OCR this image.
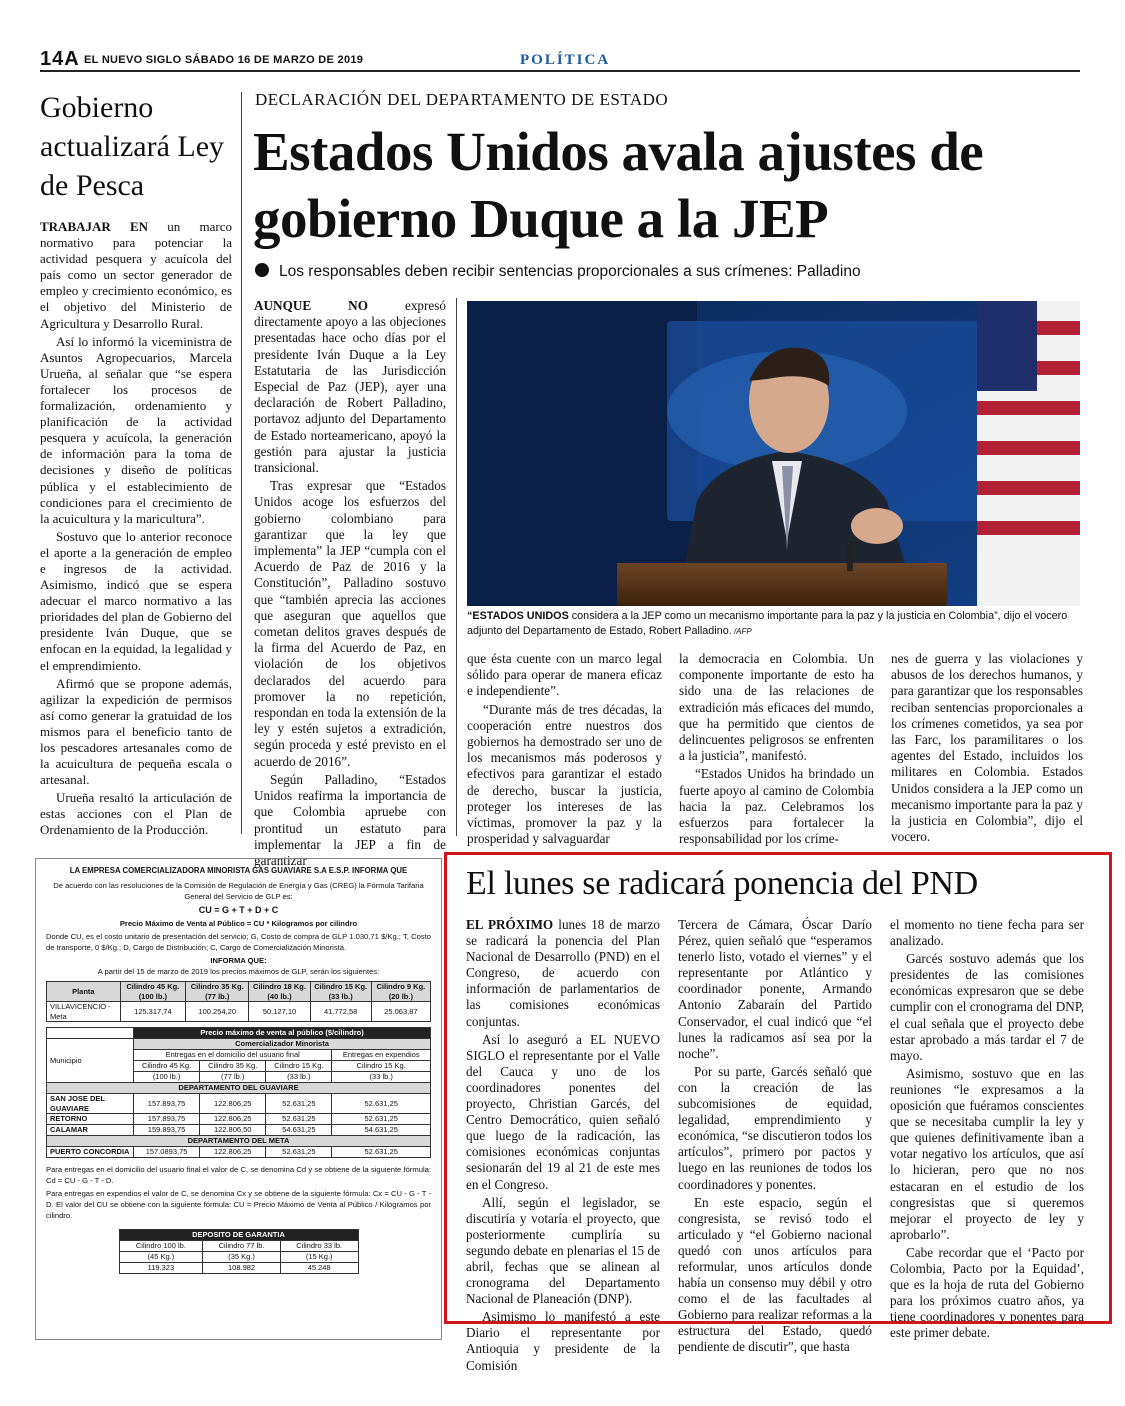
14A EL NUEVO SIGLO SÁBADO 16 DE MARZO DE 2019	POLÍTICA
Gobierno actualizará Ley de Pesca

TRABAJAR EN un marco normativo para potenciar la actividad pesquera y acuícola del país como un sector generador de empleo y crecimiento económico, es el objetivo del Ministerio de Agricultura y Desarrollo Rural.

Así lo informó la viceministra de Asuntos Agropecuarios, Marcela Urueña, al señalar que “se espera fortalecer los procesos de formalización, ordenamiento y planificación de la actividad pesquera y acuícola, la generación de información para la toma de decisiones y diseño de políticas pública y el establecimiento de condiciones para el crecimiento de la acuicultura y la maricultura”.

Sostuvo que lo anterior reconoce el aporte a la generación de empleo e ingresos de la actividad. Asimismo, indicó que se espera adecuar el marco normativo a las prioridades del plan de Gobierno del presidente Iván Duque, que se enfocan en la equidad, la legalidad y el emprendimiento.

Afirmó que se propone además, agilizar la expedición de permisos así como generar la gratuidad de los mismos para el beneficio tanto de los pescadores artesanales como de la acuicultura de pequeña escala o artesanal.

Urueña resaltó la articulación de estas acciones con el Plan de Ordenamiento de la Producción.

DECLARACIÓN DEL DEPARTAMENTO DE ESTADO
Estados Unidos avala ajustes de gobierno Duque a la JEP
Los responsables deben recibir sentencias proporcionales a sus crímenes: Palladino

AUNQUE NO expresó directamente apoyo a las objeciones presentadas hace ocho días por el presidente Iván Duque a la Ley Estatutaria de las Jurisdicción Especial de Paz (JEP), ayer una declaración de Robert Palladino, portavoz adjunto del Departamento de Estado norteamericano, apoyó la gestión para ajustar la justicia transicional.

Tras expresar que “Estados Unidos acoge los esfuerzos del gobierno colombiano para garantizar que la ley que implementa” la JEP “cumpla con el Acuerdo de Paz de 2016 y la Constitución”, Palladino sostuvo que “también aprecia las acciones que aseguran que aquellos que cometan delitos graves después de la firma del Acuerdo de Paz, en violación de los objetivos declarados del acuerdo para promover la no repetición, respondan en toda la extensión de la ley y estén sujetos a extradición, según proceda y esté previsto en el acuerdo de 2016”.

Según Palladino, “Estados Unidos reafirma la importancia de que Colombia apruebe con prontitud un estatuto para implementar la JEP a fin de garantizar

“ESTADOS UNIDOS considera a la JEP como un mecanismo importante para la paz y la justicia en Colombia”, dijo el vocero adjunto del Departamento de Estado, Robert Palladino. /AFP

que ésta cuente con un marco legal sólido para operar de manera eficaz e independiente”.

“Durante más de tres décadas, la cooperación entre nuestros dos gobiernos ha demostrado ser uno de los mecanismos más poderosos y efectivos para garantizar el estado de derecho, buscar la justicia, proteger los intereses de las víctimas, promover la paz y la prosperidad y salvaguardar

la democracia en Colombia. Un componente importante de esto ha sido una de las relaciones de extradición más eficaces del mundo, que ha permitido que cientos de delincuentes peligrosos se enfrenten a la justicia”, manifestó.

“Estados Unidos ha brindado un fuerte apoyo al camino de Colombia hacia la paz. Celebramos los esfuerzos para fortalecer la responsabilidad por los críme-

nes de guerra y las violaciones y abusos de los derechos humanos, y para garantizar que los responsables reciban sentencias proporcionales a los crímenes cometidos, ya sea por las Farc, los paramilitares o los agentes del Estado, incluidos los militares en Colombia. Estados Unidos considera a la JEP como un mecanismo importante para la paz y la justicia en Colombia”, dijo el vocero.

LA EMPRESA COMERCIALIZADORA MINORISTA GAS GUAVIARE S.A E.S.P. INFORMA QUE
De acuerdo con las resoluciones de la Comisión de Regulación de Energía y Gas (CREG) la Fórmula Tarifaria General del Servicio de GLP es:
CU = G + T + D + C
Precio Máximo de Venta al Público = CU * Kilogramos por cilindro
Donde CU, es el costo unitario de presentación del servicio; G, Costo de compra de GLP 1.030,71 $/Kg.; T, Costo de transporte, 0 $/Kg.; D, Cargo de Distribución; C, Cargo de Comercialización Minorista.
INFORMA QUE:
A partir del 15 de marzo de 2019 los precios máximos de GLP, serán los siguientes:
Planta	Cilindro 45 Kg. (100 lb.)	Cilindro 35 Kg. (77 lb.)	Cilindro 18 Kg. (40 lb.)	Cilindro 15 Kg. (33 lb.)	Cilindro 9 Kg. (20 lb.)
VILLAVICENCIO - Meta	125.317,74	100.254,20	50.127,10	41.772,58	25.063,87
	Precio máximo de venta al público ($/cilindro)			
Municipio	Comercializador Minorista			
	Entregas en el domicilio del usuario final			Entregas en expendios
	Cilindro 45 Kg.	Cilindro 35 Kg.	Cilindro 15 Kg.	Cilindro 15 Kg.
	(100 lb.)	(77 lb.)	(33 lb.)	(33 lb.)
DEPARTAMENTO DEL GUAVIARE				
SAN JOSE DEL GUAVIARE	157.893,75	122.806,25	52.631,25	52.631,25
RETORNO	157.893,75	122.806,25	52.631,25	52.631,25
CALAMAR	159.893,75	122.806,50	54.631,25	54.631,25
DEPARTAMENTO DEL META				
PUERTO CONCORDIA	157.0893,75	122.806,25	52.631,25	52.631,25
Para entregas en el domicilio del usuario final el valor de C, se denomina Cd y se obtiene de la siguiente fórmula: Cd = CU - G - T - D.
Para entregas en expendios el valor de C, se denomina Cx y se obtiene de la siguiente fórmula: Cx = CU - G - T - D. El valor del CU se obtiene con la siguiente fórmula: CU = Precio Máximo de Venta al Público / Kilogramos por cilindro.
DEPOSITO DE GARANTIA		
Cilindro 100 lb.	Cilindro 77 lb.	Cilindro 33 lb.
(45 Kg.)	(35 Kg.)	(15 Kg.)
119.323	108.982	45.248
El lunes se radicará ponencia del PND

EL PRÓXIMO lunes 18 de marzo se radicará la ponencia del Plan Nacional de Desarrollo (PND) en el Congreso, de acuerdo con información de parlamentarios de las comisiones económicas conjuntas.

Así lo aseguró a EL NUEVO SIGLO el representante por el Valle del Cauca y uno de los coordinadores ponentes del proyecto, Christian Garcés, del Centro Democrático, quien señaló que luego de la radicación, las comisiones económicas conjuntas sesionarán del 19 al 21 de este mes en el Congreso.

Allí, según el legislador, se discutiría y votaría el proyecto, que posteriormente cumpliría su segundo debate en plenarias el 15 de abril, fechas que se alinean al cronograma del Departamento Nacional de Planeación (DNP).

Asimismo lo manifestó a este Diario el representante por Antioquia y presidente de la Comisión

Tercera de Cámara, Óscar Darío Pérez, quien señaló que “esperamos tenerlo listo, votado el viernes” y el representante por Atlántico y coordinador ponente, Armando Antonio Zabaraín del Partido Conservador, el cual indicó que “el lunes la radicamos así sea por la noche”.

Por su parte, Garcés señaló que con la creación de las subcomisiones de equidad, legalidad, emprendimiento y económica, “se discutieron todos los artículos”, primero por pactos y luego en las reuniones de todos los coordinadores y ponentes.

En este espacio, según el congresista, se revisó todo el articulado y “el Gobierno nacional quedó con unos artículos para reformular, unos artículos donde había un consenso muy débil y otro como el de las facultades al Gobierno para realizar reformas a la estructura del Estado, quedó pendiente de discutir”, que hasta

el momento no tiene fecha para ser analizado.

Garcés sostuvo además que los presidentes de las comisiones económicas expresaron que se debe cumplir con el cronograma del DNP, el cual señala que el proyecto debe estar aprobado a más tardar el 7 de mayo.

Asimismo, sostuvo que en las reuniones “le expresamos a la oposición que fuéramos conscientes que se necesitaba cumplir la ley y que quienes definitivamente iban a votar negativo los artículos, que así lo hicieran, pero que no nos estacaran en el estudio de los congresistas que si queremos mejorar el proyecto de ley y aprobarlo”.

Cabe recordar que el ‘Pacto por Colombia, Pacto por la Equidad’, que es la hoja de ruta del Gobierno para los próximos cuatro años, ya tiene coordinadores y ponentes para este primer debate.
